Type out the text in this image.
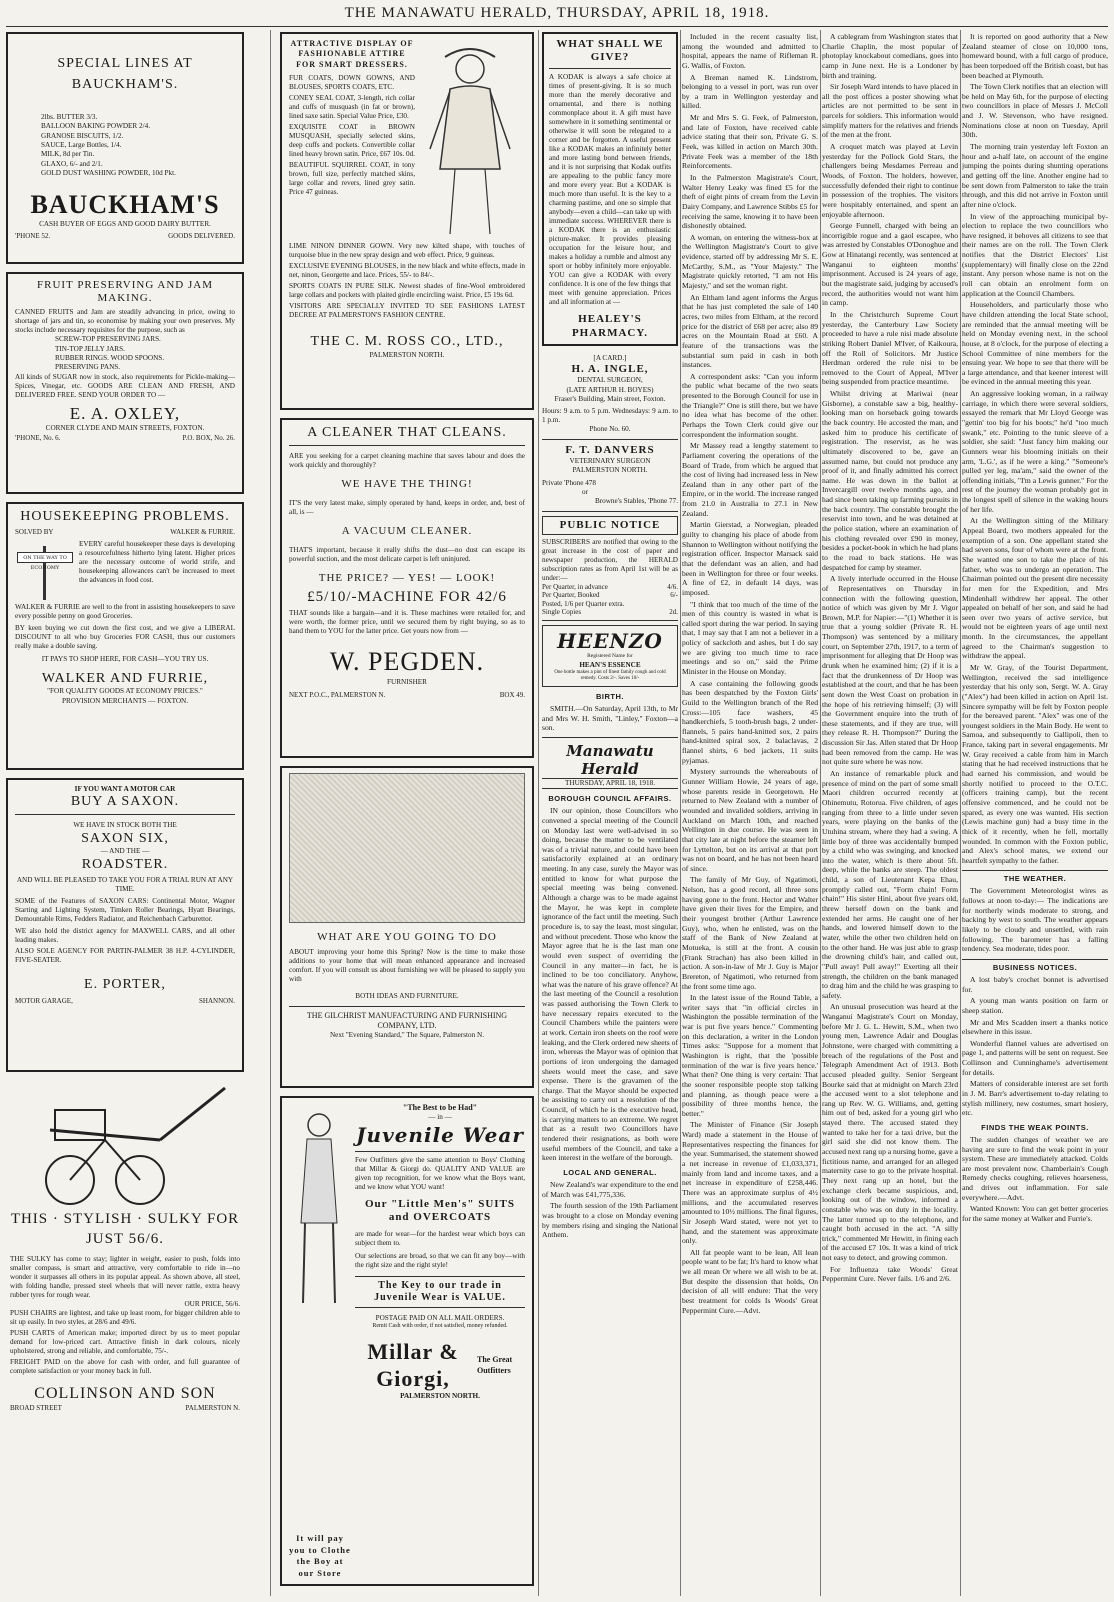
THE MANAWATU HERALD, THURSDAY, APRIL 18, 1918.
SPECIAL LINES AT BAUCKHAM'S.
2lbs. BUTTER 3/3.
BALLOON BAKING POWDER 2/4.
GRANOSE BISCUITS, 1/2.
SAUCE, Large Bottles, 1/4.
MILK, 8d per Tin.
GLAXO, 6/- and 2/1.
GOLD DUST WASHING POWDER, 10d Pkt.
BAUCKHAM'S
CASH BUYER OF EGGS AND GOOD DAIRY BUTTER.
'PHONE 52.	GOODS DELIVERED.
FRUIT PRESERVING AND JAM MAKING.
CANNED FRUITS and Jam are steadily advancing in price, owing to shortage of jars and tin, so economise by making your own preserves. My stocks include necessary requisites for the purpose, such as
SCREW-TOP PRESERVING JARS.
TIN-TOP JELLY JARS.
RUBBER RINGS. WOOD SPOONS.
PRESERVING PANS.
All kinds of SUGAR now in stock, also requirements for Pickle-making—Spices, Vinegar, etc. GOODS ARE CLEAN AND FRESH, AND DELIVERED FREE. SEND YOUR ORDER TO —
E. A. OXLEY,
CORNER CLYDE AND MAIN STREETS, FOXTON.
'PHONE, No. 6.	P.O. BOX, No. 26.
HOUSEKEEPING PROBLEMS.
SOLVED BY	WALKER & FURRIE.
ON THE WAY TO ECONOMY
EVERY careful housekeeper these days is developing a resourcefulness hitherto lying latent. Higher prices are the necessary outcome of world strife, and housekeeping allowances can't be increased to meet the advances in food cost.
WALKER & FURRIE are well to the front in assisting housekeepers to save every possible penny on good Groceries.
BY keen buying we cut down the first cost, and we give a LIBERAL DISCOUNT to all who buy Groceries FOR CASH, thus our customers really make a double saving.
IT PAYS TO SHOP HERE, FOR CASH—YOU TRY US.
WALKER AND FURRIE,
"FOR QUALITY GOODS AT ECONOMY PRICES."
PROVISION MERCHANTS — FOXTON.
IF YOU WANT A MOTOR CAR
BUY A SAXON.
WE HAVE IN STOCK BOTH THE
SAXON SIX,
— AND THE —
ROADSTER.
AND WILL BE PLEASED TO TAKE YOU FOR A TRIAL RUN AT ANY TIME.
SOME of the Features of SAXON CARS: Continental Motor, Wagner Starting and Lighting System, Timken Roller Bearings, Hyatt Bearings, Demountable Rims, Fedders Radiator, and Reichenbach Carburettor.
WE also hold the district agency for MAXWELL CARS, and all other leading makes.
ALSO SOLE AGENCY FOR PARTIN-PALMER 38 H.P. 4-CYLINDER, FIVE-SEATER.
E. PORTER,
MOTOR GARAGE,	SHANNON.
THIS · STYLISH · SULKY FOR JUST 56/6.
THE SULKY has come to stay; lighter in weight, easier to push, folds into smaller compass, is smart and attractive, very comfortable to ride in—no wonder it surpasses all others in its popular appeal. As shown above, all steel, with folding handle, pressed steel wheels that will never rattle, extra heavy rubber tyres for rough wear.
OUR PRICE, 56/6.
PUSH CHAIRS are lightest, and take up least room, for bigger children able to sit up easily. In two styles, at 28/6 and 49/6.
PUSH CARTS of American make; imported direct by us to meet popular demand for low-priced cart. Attractive finish in dark colours, nicely upholstered, strong and reliable, and comfortable, 75/-.
FREIGHT PAID on the above for cash with order, and full guarantee of complete satisfaction or your money back in full.
COLLINSON AND SON
BROAD STREET	PALMERSTON N.
ATTRACTIVE DISPLAY OF FASHIONABLE ATTIRE FOR SMART DRESSERS.
FUR COATS, DOWN GOWNS, AND BLOUSES, SPORTS COATS, ETC.
CONEY SEAL COAT, 3-length, rich collar and cuffs of musquash (in fat or brown), lined saxe satin. Special Value Price, £30.
EXQUISITE COAT in BROWN MUSQUASH, specially selected skins, deep cuffs and pockets. Convertible collar lined heavy brown satin. Price, £67 10s. 0d.
BEAUTIFUL SQUIRREL COAT, in tony brown, full size, perfectly matched skins, large collar and revers, lined grey satin. Price 47 guineas.
LIME NINON DINNER GOWN. Very new kilted shape, with touches of turquoise blue in the new spray design and web effect. Price, 9 guineas.
EXCLUSIVE EVENING BLOUSES, in the new black and white effects, made in net, ninon, Georgette and lace. Prices, 55/- to 84/-.
SPORTS COATS IN PURE SILK. Newest shades of fine-Wool embroidered large collars and pockets with plaited girdle encircling waist. Price, £5 19s 6d.
VISITORS ARE SPECIALLY INVITED TO SEE FASHIONS LATEST DECREE AT PALMERSTON'S FASHION CENTRE.
THE C. M. ROSS CO., LTD.,
PALMERSTON NORTH.
A CLEANER THAT CLEANS.
ARE you seeking for a carpet cleaning machine that saves labour and does the work quickly and thoroughly?
WE HAVE THE THING!
IT'S the very latest make, simply operated by hand, keeps in order, and, best of all, is —
A VACUUM CLEANER.
THAT'S important, because it really shifts the dust—no dust can escape its powerful suction, and the most delicate carpet is left uninjured.
THE PRICE? — YES! — LOOK!
£5/10/-MACHINE FOR 42/6
THAT sounds like a bargain—and it is. These machines were retailed for, and were worth, the former price, until we secured them by right buying, so as to hand them to YOU for the latter price. Get yours now from —
W. PEGDEN.
FURNISHER
NEXT P.O.C., PALMERSTON N.	BOX 49.
WHAT ARE YOU GOING TO DO
ABOUT improving your home this Spring? Now is the time to make those additions to your home that will mean enhanced appearance and increased comfort. If you will consult us about furnishing we will be pleased to supply you with
BOTH IDEAS AND FURNITURE.
THE GILCHRIST MANUFACTURING AND FURNISHING COMPANY, LTD.
Next "Evening Standard," The Square, Palmerston N.
It will pay you to Clothe the Boy at our Store
"The Best to be Had"
— in —
Juvenile Wear
Few Outfitters give the same attention to Boys' Clothing that Millar & Giorgi do. QUALITY AND VALUE are given top recognition, for we know what the Boys want, and we know what YOU want!
Our "Little Men's" SUITS and OVERCOATS
are made for wear—for the hardest wear which boys can subject them to.
Our selections are broad, so that we can fit any boy—with the right size and the right style!
The Key to our trade in Juvenile Wear is VALUE.
POSTAGE PAID ON ALL MAIL ORDERS.
Remit Cash with order, if not satisfied, money refunded.
Millar & Giorgi,
The Great Outfitters
PALMERSTON NORTH.
WHAT SHALL WE GIVE?
A KODAK is always a safe choice at times of present-giving. It is so much more than the merely decorative and ornamental, and there is nothing commonplace about it. A gift must have somewhere in it something sentimental or otherwise it will soon be relegated to a corner and be forgotten. A useful present like a KODAK makes an infinitely better and more lasting bond between friends, and it is not surprising that Kodak outfits are appealing to the public fancy more and more every year. But a KODAK is much more than useful. It is the key to a charming pastime, and one so simple that anybody—even a child—can take up with immediate success. WHEREVER there is a KODAK there is an enthusiastic picture-maker. It provides pleasing occupation for the leisure hour, and makes a holiday a rumble and almost any sport or hobby infinitely more enjoyable. YOU can give a KODAK with every confidence. It is one of the few things that meet with genuine appreciation. Prices and all information at —
HEALEY'S PHARMACY.
[A CARD.]
H. A. INGLE,
DENTAL SURGEON,
(LATE ARTHUR H. BOYES)
Fraser's Building, Main street, Foxton.
Hours: 9 a.m. to 5 p.m. Wednesdays: 9 a.m. to 1 p.m.
Phone No. 60.
F. T. DANVERS
VETERINARY SURGEON
PALMERSTON NORTH.
Private 'Phone 478
or
Browne's Stables, 'Phone 77.
PUBLIC NOTICE
SUBSCRIBERS are notified that owing to the great increase in the cost of paper and newspaper production, the HERALD subscription rates as from April 1st will be as under:—
Per Quarter, in advance	4/6.
Per Quarter, Booked	6/-
Posted, 1/6 per Quarter extra.
Single Copies	2d.
HEENZO
Registered Name for
HEAN'S ESSENCE
One bottle makes a pint of finest family cough and cold remedy. Costs 2/-. Saves 10/-
BIRTH.
SMITH.—On Saturday, April 13th, to Mr and Mrs W. H. Smith, "Linley," Foxton—a son.
Manawatu Herald
THURSDAY, APRIL 18, 1918.
BOROUGH COUNCIL AFFAIRS.
IN our opinion, those Councillors who convened a special meeting of the Council on Monday last were well-advised in so doing, because the matter to be ventilated was of a trivial nature, and could have been satisfactorily explained at an ordinary meeting. In any case, surely the Mayor was entitled to know for what purpose the special meeting was being convened. Although a charge was to be made against the Mayor, he was kept in complete ignorance of the fact until the meeting. Such procedure is, to say the least, most singular, and without precedent. Those who know the Mayor agree that he is the last man one would even suspect of overriding the Council in any matter—in fact, he is inclined to be too conciliatory. Anyhow, what was the nature of his grave offence? At the last meeting of the Council a resolution was passed authorising the Town Clerk to have necessary repairs executed to the Council Chambers while the painters were at work. Certain iron sheets on the roof were leaking, and the Clerk ordered new sheets of iron, whereas the Mayor was of opinion that portions of iron undergoing the damaged sheets would meet the case, and save expense. There is the gravamen of the charge. That the Mayor should be expected be assisting to carry out a resolution of the Council, of which he is the executive head, is carrying matters to an extreme. We regret that as a result two Councillors have tendered their resignations, as both were useful members of the Council, and take a keen interest in the welfare of the borough.
LOCAL AND GENERAL.
New Zealand's war expenditure to the end of March was £41,775,336.
The fourth session of the 19th Parliament was brought to a close on Monday evening by members rising and singing the National Anthem.
Included in the recent casualty list, among the wounded and admitted to hospital, appears the name of Rifleman R. G. Wallis, of Foxton.
A Breman named K. Lindstrom, belonging to a vessel in port, was run over by a tram in Wellington yesterday and killed.
Mr and Mrs S. G. Feek, of Palmerston, and late of Foxton, have received cable advice stating that their son, Private G. S. Feek, was killed in action on March 30th. Private Feek was a member of the 18th Reinforcements.
In the Palmerston Magistrate's Court, Walter Henry Leaky was fined £5 for the theft of eight pints of cream from the Levin Dairy Company, and Lawrence Stibbs £5 for receiving the same, knowing it to have been dishonestly obtained.
A woman, on entering the witness-box at the Wellington Magistrate's Court to give evidence, started off by addressing Mr S. E. McCarthy, S.M., as "Your Majesty." The Magistrate quickly retorted, "I am not His Majesty," and set the woman right.
An Eltham land agent informs the Argus that he has just completed the sale of 140 acres, two miles from Eltham, at the record price for the district of £68 per acre; also 89 acres on the Mountain Road at £60. A feature of the transactions was the substantial sum paid in cash in both instances.
A correspondent asks: "Can you inform the public what became of the two seats presented to the Borough Council for use in the Triangle?" One is still there, but we have no idea what has become of the other. Perhaps the Town Clerk could give our correspondent the information sought.
Mr Massey read a lengthy statement to Parliament covering the operations of the Board of Trade, from which he argued that the cost of living had increased less in New Zealand than in any other part of the Empire, or in the world. The increase ranged from 21.0 in Australia to 27.1 in New Zealand.
Martin Gierstad, a Norwegian, pleaded guilty to changing his place of abode from Shannon to Wellington without notifying the registration officer. Inspector Marsack said that the defendant was an alien, and had been in Wellington for three or four weeks. A fine of £2, in default 14 days, was imposed.
"I think that too much of the time of the men of this country is wasted in what is called sport during the war period. In saying that, I may say that I am not a believer in a policy of sackcloth and ashes, but I do say we are giving too much time to race meetings and so on," said the Prime Minister in the House on Monday.
A case containing the following goods has been despatched by the Foxton Girls' Guild to the Wellington branch of the Red Cross:—105 face washers, 45 handkerchiefs, 5 tooth-brush bags, 2 under-flannels, 5 pairs hand-knitted sox, 2 pairs hand-knitted spiral sox, 2 balaclavas, 2 flannel shirts, 6 bed jackets, 11 suits pyjamas.
Mystery surrounds the whereabouts of Gunner William Howie, 24 years of age, whose parents reside in Georgetown. He returned to New Zealand with a number of wounded and invalided soldiers, arriving in Auckland on March 10th, and reached Wellington in due course. He was seen in that city late at night before the steamer left for Lyttelton, but on its arrival at that port was not on board, and he has not been heard of since.
The family of Mr Guy, of Ngatimoti, Nelson, has a good record, all three sons having gone to the front. Hector and Walter have given their lives for the Empire, and their youngest brother (Arthur Lawrence Guy), who, when he enlisted, was on the staff of the Bank of New Zealand at Motueka, is still at the front. A cousin (Frank Strachan) has also been killed in action. A son-in-law of Mr J. Guy is Major Brereton, of Ngatimoti, who returned from the front some time ago.
In the latest issue of the Round Table, a writer says that "in official circles in Washington the possible termination of the war is put five years hence." Commenting on this declaration, a writer in the London Times asks: "Suppose for a moment that Washington is right, that the 'possible termination of the war is five years hence.' What then? One thing is very certain: That the sooner responsible people stop talking and planning, as though peace were a possibility of three months hence, the better."
The Minister of Finance (Sir Joseph Ward) made a statement in the House of Representatives respecting the finances for the year. Summarised, the statement showed a net increase in revenue of £1,033,371, mainly from land and income taxes, and a net increase in expenditure of £258,446. There was an approximate surplus of 4½ millions, and the accumulated reserves amounted to 10½ millions. The final figures, Sir Joseph Ward stated, were not yet to hand, and the statement was approximate only.
All fat people want to be lean, All lean people want to be fat; It's hard to know what we all mean Or where we all wish to be at. But despite the dissension that holds, On decision of all will endure: That the very best treatment for colds Is Woods' Great Peppermint Cure.—Advt.
A cablegram from Washington states that Charlie Chaplin, the most popular of photoplay knockabout comedians, goes into camp in June next. He is a Londoner by birth and training.
Sir Joseph Ward intends to have placed in all the post offices a poster showing what articles are not permitted to be sent in parcels for soldiers. This information would simplify matters for the relatives and friends of the men at the front.
A croquet match was played at Levin yesterday for the Pollock Gold Stars, the challengers being Mesdames Perreau and Woods, of Foxton. The holders, however, successfully defended their right to continue in possession of the trophies. The visitors were hospitably entertained, and spent an enjoyable afternoon.
George Funnell, charged with being an incorrigible rogue and a gaol escapee, who was arrested by Constables O'Donoghue and Gow at Hinatangi recently, was sentenced at Wanganui to eighteen months' imprisonment. Accused is 24 years of age, but the magistrate said, judging by accused's record, the authorities would not want him in camp.
In the Christchurch Supreme Court yesterday, the Canterbury Law Society proceeded to have a rule nisi made absolute striking Robert Daniel M'Iver, of Kaikoura, off the Roll of Solicitors. Mr Justice Herdman ordered the rule nisi to be removed to the Court of Appeal, M'Iver being suspended from practice meantime.
Whilst driving at Mariwai (near Gisborne), a constable saw a big, healthy-looking man on horseback going towards the back country. He accosted the man, and asked him to produce his certificate of registration. The reservist, as he was ultimately discovered to be, gave an assumed name, but could not produce any proof of it, and finally admitted his correct name. He was down in the ballot at Invercargill over twelve months ago, and had since been taking up farming pursuits in the back country. The constable brought the reservist into town, and he was detained at the police station, where an examination of his clothing revealed over £90 in money, besides a pocket-book in which he had plans to the road to back stations. He was despatched for camp by steamer.
A lively interlude occurred in the House of Representatives on Thursday in connection with the following question, notice of which was given by Mr J. Vigor Brown, M.P. for Napier:—"(1) Whether it is true that a young soldier (Private R. H. Thompson) was sentenced by a military court, on September 27th, 1917, to a term of imprisonment for alleging that Dr Hoop was drunk when he examined him; (2) if it is a fact that the drunkenness of Dr Hoop was established at the court, and that he has been sent down the West Coast on probation in the hope of his retrieving himself; (3) will the Government enquire into the truth of these statements, and if they are true, will they release R. H. Thompson?" During the discussion Sir Jas. Allen stated that Dr Hoop had been removed from the camp. He was not quite sure where he was now.
An instance of remarkable pluck and presence of mind on the part of some small Maori children occurred recently at Ohinemutu, Rotorua. Five children, of ages ranging from three to a little under seven years, were playing on the banks of the Utuhina stream, where they had a swing. A little boy of three was accidentally bumped by a child who was swinging, and knocked into the water, which is there about 5ft. deep, while the banks are steep. The oldest child, a son of Lieutenant Kepa Ehau, promptly called out, "Form chain! Form chain!" His sister Hini, about five years old, threw herself down on the bank and extended her arms. He caught one of her hands, and lowered himself down to the water, while the other two children held on to the other hand. He was just able to grasp the drowning child's hair, and called out, "Pull away! Pull away!" Exerting all their strength, the children on the bank managed to drag him and the child he was grasping to safety.
An unusual prosecution was heard at the Wanganui Magistrate's Court on Monday, before Mr J. G. L. Hewitt, S.M., when two young men, Lawrence Adair and Douglas Johnstone, were charged with committing a breach of the regulations of the Post and Telegraph Amendment Act of 1913. Both accused pleaded guilty. Senior Sergeant Bourke said that at midnight on March 23rd the accused went to a slot telephone and rang up Rev. W. G. Williams, and, getting him out of bed, asked for a young girl who stayed there. The accused stated they wanted to take her for a taxi drive, but the girl said she did not know them. The accused next rang up a nursing home, gave a fictitious name, and arranged for an alleged maternity case to go to the private hospital. They next rang up an hotel, but the exchange clerk became suspicious, and, looking out of the window, informed a constable who was on duty in the locality. The latter turned up to the telephone, and caught both accused in the act. "A silly trick," commented Mr Hewitt, in fining each of the accused £7 10s. It was a kind of trick not easy to detect, and growing common.
For Influenza take Woods' Great Peppermint Cure. Never fails. 1/6 and 2/6.
It is reported on good authority that a New Zealand steamer of close on 10,000 tons, homeward bound, with a full cargo of produce, has been torpedoed off the British coast, but has been beached at Plymouth.
The Town Clerk notifies that an election will be held on May 6th, for the purpose of electing two councillors in place of Messrs J. McColl and J. W. Stevenson, who have resigned. Nominations close at noon on Tuesday, April 30th.
The morning train yesterday left Foxton an hour and a-half late, on account of the engine jumping the points during shunting operations and getting off the line. Another engine had to be sent down from Palmerston to take the train through, and this did not arrive in Foxton until after nine o'clock.
In view of the approaching municipal by-election to replace the two councillors who have resigned, it behoves all citizens to see that their names are on the roll. The Town Clerk notifies that the District Electors' List (supplementary) will finally close on the 22nd instant. Any person whose name is not on the roll can obtain an enrolment form on application at the Council Chambers.
Householders, and particularly those who have children attending the local State school, are reminded that the annual meeting will be held on Monday evening next, in the school house, at 8 o'clock, for the purpose of electing a School Committee of nine members for the ensuing year. We hope to see that there will be a large attendance, and that keener interest will be evinced in the annual meeting this year.
An aggressive looking woman, in a railway carriage, in which there were several soldiers, essayed the remark that Mr Lloyd George was "gettin' too big for his boots;" he'd "too much swank," etc. Pointing to the tunic sleeve of a soldier, she said: "Just fancy him making our Gunners wear his blooming initials on their arm, 'L.G.', as if he were a king." "Someone's pulled yer leg, ma'am," said the owner of the offending initials, "I'm a Lewis gunner." For the rest of the journey the woman probably got in the longest spell of silence in the waking hours of her life.
At the Wellington sitting of the Military Appeal Board, two mothers appealed for the exemption of a son. One appellant stated she had seven sons, four of whom were at the front. She wanted one son to take the place of his father, who was to undergo an operation. The Chairman pointed out the present dire necessity for men for the Expedition, and Mrs Mindenhall withdrew her appeal. The other appealed on behalf of her son, and said he had seen over two years of active service, but would not be eighteen years of age until next month. In the circumstances, the appellant agreed to the Chairman's suggestion to withdraw the appeal.
Mr W. Gray, of the Tourist Department, Wellington, received the sad intelligence yesterday that his only son, Sergt. W. A. Gray ("Alex") had been killed in action on April 1st. Sincere sympathy will be felt by Foxton people for the bereaved parent. "Alex" was one of the youngest soldiers in the Main Body. He went to Samoa, and subsequently to Gallipoli, then to France, taking part in several engagements. Mr W. Gray received a cable from him in March stating that he had received instructions that he had earned his commission, and would be shortly notified to proceed to the O.T.C. (officers training camp), but the recent offensive commenced, and he could not be spared, as every one was wanted. His section (Lewis machine gun) had a busy time in the thick of it recently, when he fell, mortally wounded. In common with the Foxton public, and Alex's school mates, we extend our heartfelt sympathy to the father.
THE WEATHER.
The Government Meteorologist wires as follows at noon to-day:— The indications are for northerly winds moderate to strong, and backing by west to south. The weather appears likely to be cloudy and unsettled, with rain following. The barometer has a falling tendency. Sea moderate, tides poor.
BUSINESS NOTICES.
A lost baby's crochet bonnet is advertised for.
A young man wants position on farm or sheep station.
Mr and Mrs Scadden insert a thanks notice elsewhere in this issue.
Wonderful flannel values are advertised on page 1, and patterns will be sent on request. See Collinson and Cunninghame's advertisement for details.
Matters of considerable interest are set forth in J. M. Barr's advertisement to-day relating to stylish millinery, new costumes, smart hosiery, etc.
FINDS THE WEAK POINTS.
The sudden changes of weather we are having are sure to find the weak point in your system. These are immediately attacked. Colds are most prevalent now. Chamberlain's Cough Remedy checks coughing, relieves hoarseness, and drives out inflammation. For sale everywhere.—Advt.
Wanted Known: You can get better groceries for the same money at Walker and Furrie's.
